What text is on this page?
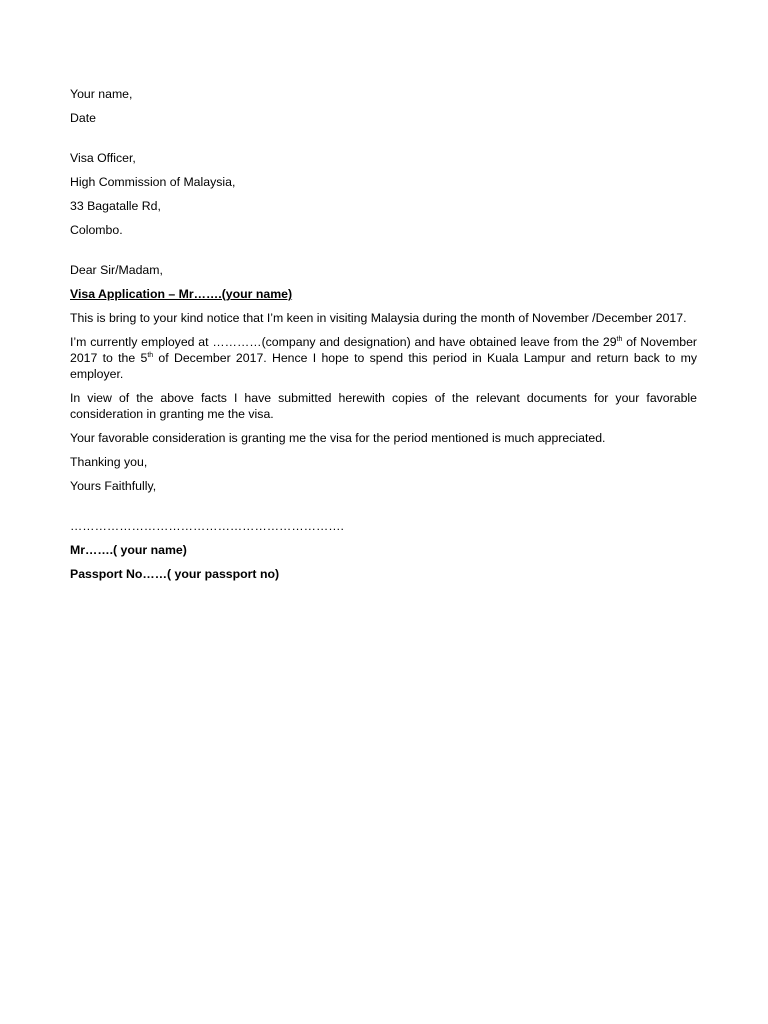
Your name,
Date
Visa Officer,
High Commission of Malaysia,
33 Bagatalle Rd,
Colombo.
Dear Sir/Madam,
Visa Application – Mr…….(your name)

This is bring to your kind notice that I’m keen in visiting Malaysia during the month of November /December 2017.

I’m currently employed at …………(company and designation) and have obtained leave from the 29th of November 2017 to the 5th of December 2017. Hence I hope to spend this period in Kuala Lampur and return back to my employer.

In view of the above facts I have submitted herewith copies of the relevant documents for your favorable consideration in granting me the visa.

Your favorable consideration is granting me the visa for the period mentioned is much appreciated.

Thanking you,
Yours Faithfully,
………………………………………………………….
Mr…….( your name)
Passport No……( your passport no)
